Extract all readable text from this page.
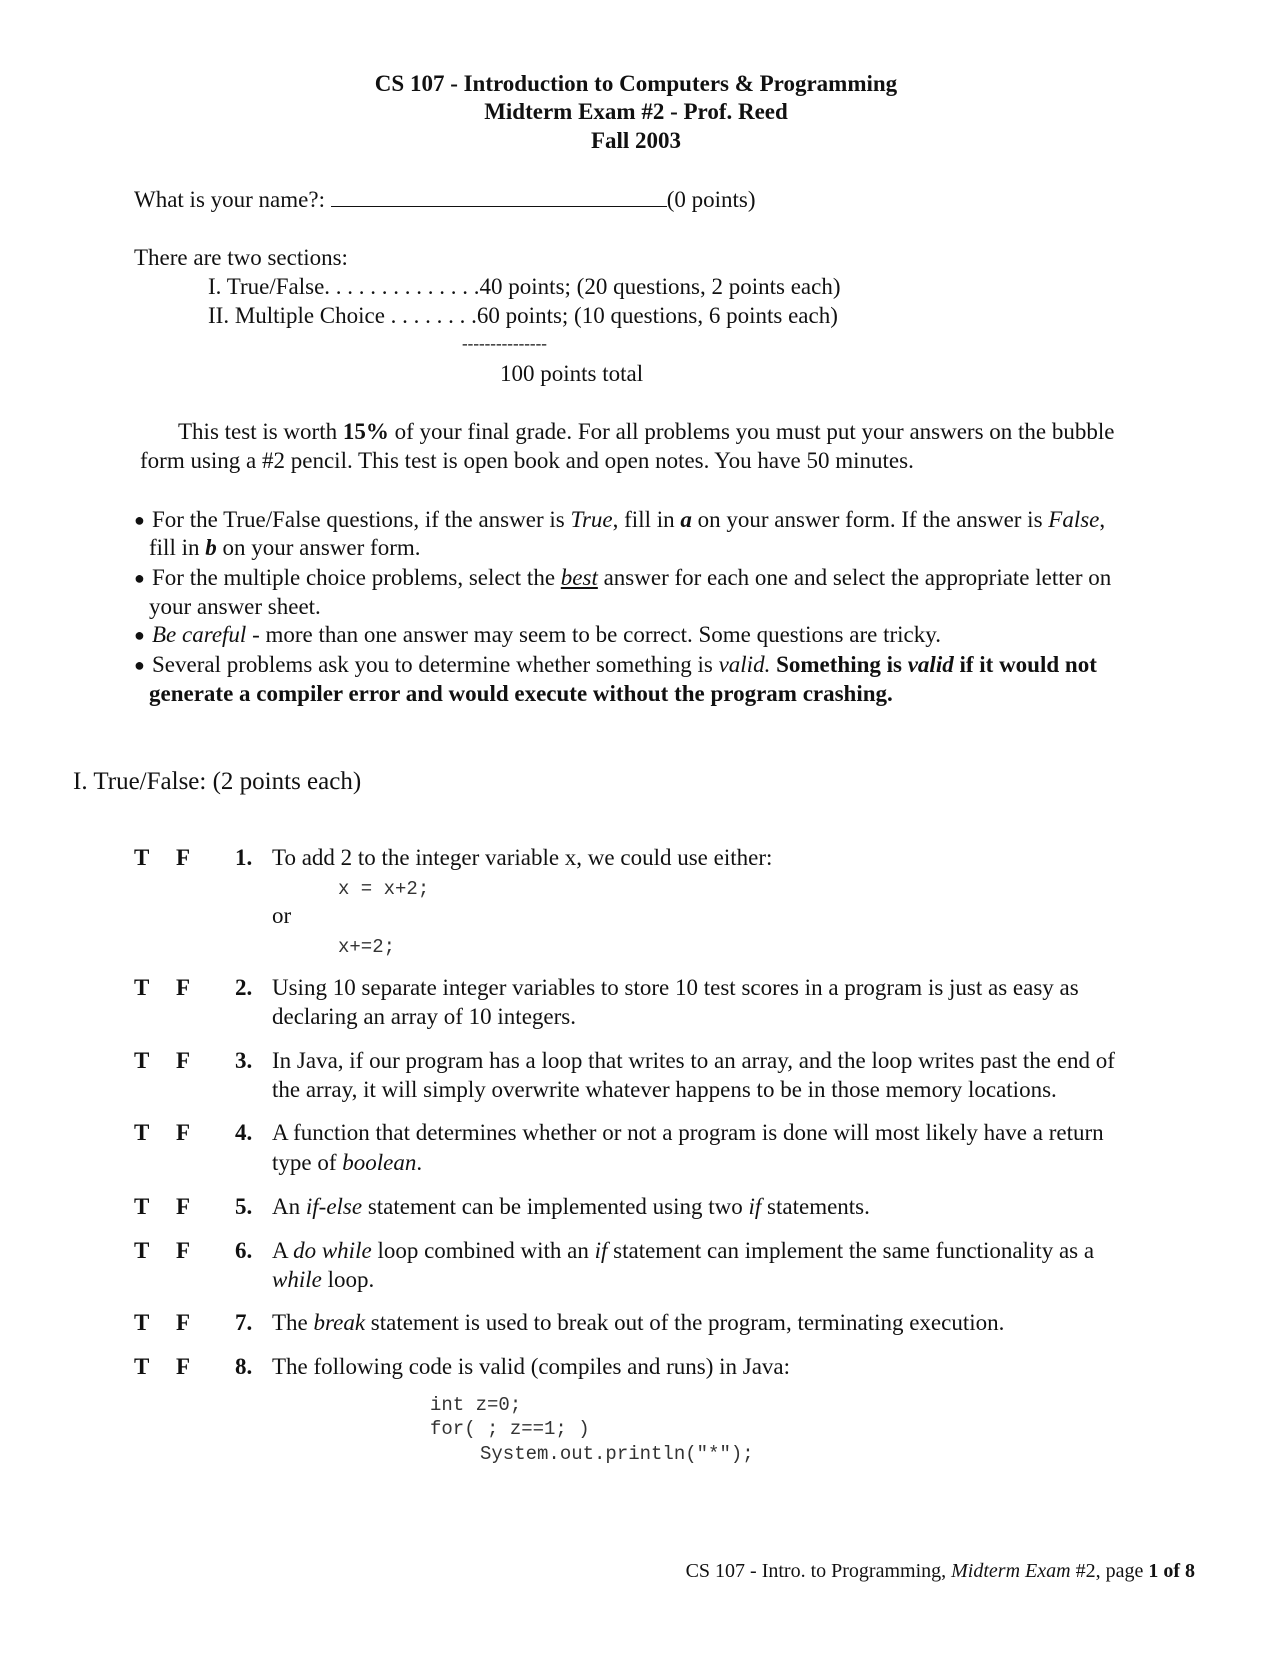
CS 107 - Introduction to Computers & Programming
Midterm Exam #2 - Prof. Reed
Fall 2003
What is your name?:	(0 points)
There are two sections:
I. True/False. . . . . . . . . . . . . .40 points; (20 questions, 2 points each)
II. Multiple Choice . . . . . . . .60 points; (10 questions, 6 points each)
---------------
100 points total
This test is worth 15% of your final grade. For all problems you must put your answers on the bubble
form using a #2 pencil. This test is open book and open notes. You have 50 minutes.
● For the True/False questions, if the answer is True, fill in a on your answer form. If the answer is False,
fill in b on your answer form.
● For the multiple choice problems, select the best answer for each one and select the appropriate letter on
your answer sheet.
● Be careful - more than one answer may seem to be correct. Some questions are tricky.
● Several problems ask you to determine whether something is valid. Something is valid if it would not
generate a compiler error and would execute without the program crashing.
I. True/False: (2 points each)
T F 1. To add 2 to the integer variable x, we could use either:
x = x+2;
or
x+=2;
T F 2. Using 10 separate integer variables to store 10 test scores in a program is just as easy as
declaring an array of 10 integers.
T F 3. In Java, if our program has a loop that writes to an array, and the loop writes past the end of
the array, it will simply overwrite whatever happens to be in those memory locations.
T F 4. A function that determines whether or not a program is done will most likely have a return
type of boolean.
T F 5. An if-else statement can be implemented using two if statements.
T F 6. A do while loop combined with an if statement can implement the same functionality as a
while loop.
T F 7. The break statement is used to break out of the program, terminating execution.
T F 8. The following code is valid (compiles and runs) in Java:
int z=0;
for( ; z==1; )
System.out.println("*");
CS 107 - Intro. to Programming, Midterm Exam #2, page 1 of 8
